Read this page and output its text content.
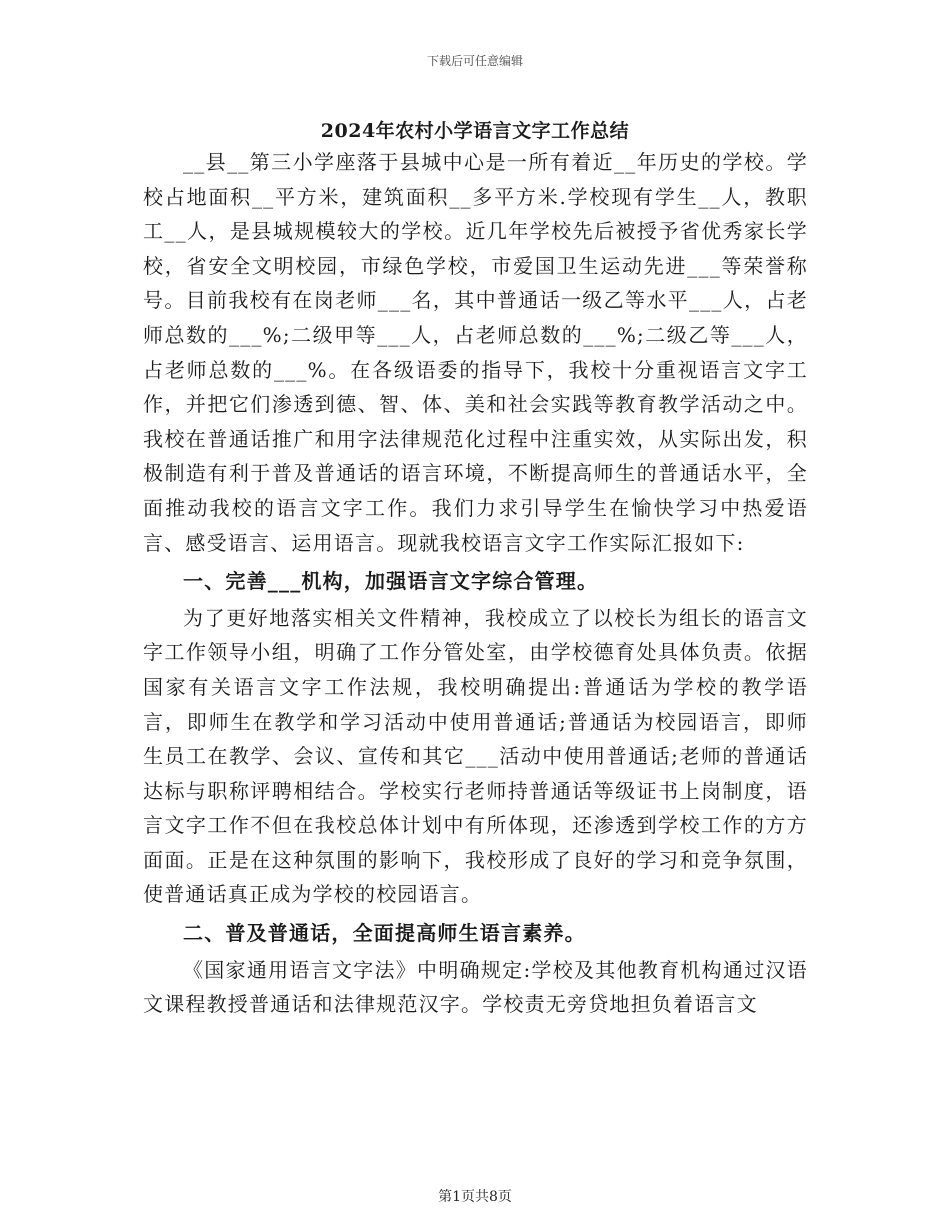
下载后可任意编辑
2024年农村小学语言文字工作总结

__县__第三小学座落于县城中心是一所有着近__年历史的学校。学校占地面积__平方米，建筑面积__多平方米.学校现有学生__人，教职工__人，是县城规模较大的学校。近几年学校先后被授予省优秀家长学校，省安全文明校园，市绿色学校，市爱国卫生运动先进___等荣誉称号。目前我校有在岗老师___名，其中普通话一级乙等水平___人，占老师总数的___%;二级甲等___人，占老师总数的___%;二级乙等___人，占老师总数的___%。在各级语委的指导下，我校十分重视语言文字工作，并把它们渗透到德、智、体、美和社会实践等教育教学活动之中。我校在普通话推广和用字法律规范化过程中注重实效，从实际出发，积极制造有利于普及普通话的语言环境，不断提高师生的普通话水平，全面推动我校的语言文字工作。我们力求引导学生在愉快学习中热爱语言、感受语言、运用语言。现就我校语言文字工作实际汇报如下:

一、完善___机构，加强语言文字综合管理。

为了更好地落实相关文件精神，我校成立了以校长为组长的语言文字工作领导小组，明确了工作分管处室，由学校德育处具体负责。依据国家有关语言文字工作法规，我校明确提出:普通话为学校的教学语言，即师生在教学和学习活动中使用普通话;普通话为校园语言，即师生员工在教学、会议、宣传和其它___活动中使用普通话;老师的普通话达标与职称评聘相结合。学校实行老师持普通话等级证书上岗制度，语言文字工作不但在我校总体计划中有所体现，还渗透到学校工作的方方面面。正是在这种氛围的影响下，我校形成了良好的学习和竞争氛围，使普通话真正成为学校的校园语言。

二、普及普通话，全面提高师生语言素养。

《国家通用语言文字法》中明确规定:学校及其他教育机构通过汉语文课程教授普通话和法律规范汉字。学校责无旁贷地担负着语言文

第1页共8页
